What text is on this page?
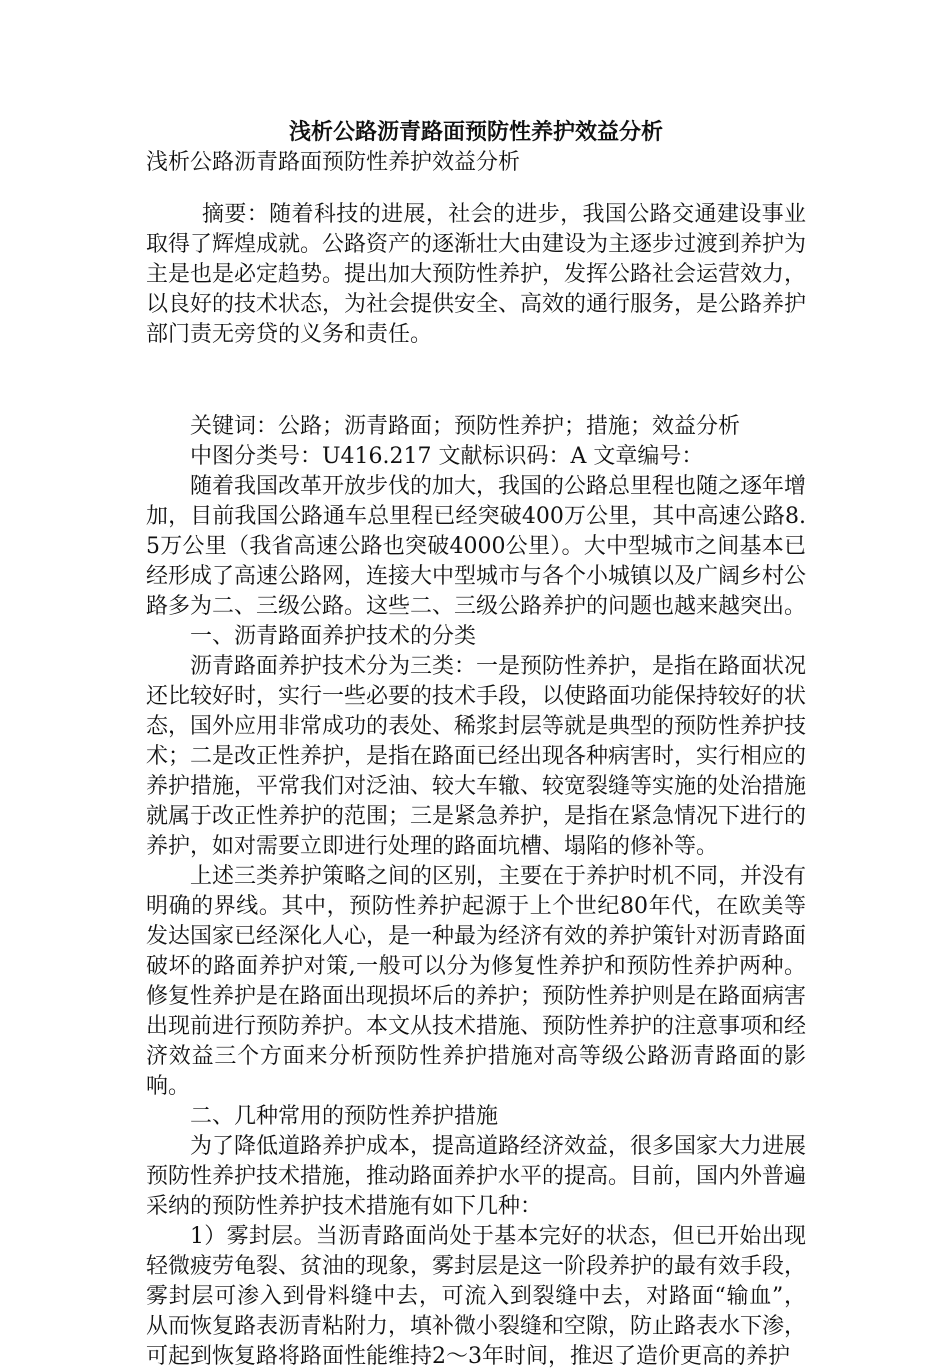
浅析公路沥青路面预防性养护效益分析
浅析公路沥青路面预防性养护效益分析

摘要：随着科技的进展，社会的进步，我国公路交通建设事业取得了辉煌成就。公路资产的逐渐壮大由建设为主逐步过渡到养护为主是也是必定趋势。提出加大预防性养护，发挥公路社会运营效力，以良好的技术状态，为社会提供安全、高效的通行服务，是公路养护部门责无旁贷的义务和责任。

关键词：公路；沥青路面；预防性养护；措施；效益分析

中图分类号：U416.217 文献标识码：A 文章编号：

随着我国改革开放步伐的加大，我国的公路总里程也随之逐年增加，目前我国公路通车总里程已经突破400万公里，其中高速公路8.5万公里（我省高速公路也突破4000公里）。大中型城市之间基本已经形成了高速公路网，连接大中型城市与各个小城镇以及广阔乡村公路多为二、三级公路。这些二、三级公路养护的问题也越来越突出。

一、沥青路面养护技术的分类

沥青路面养护技术分为三类：一是预防性养护，是指在路面状况还比较好时，实行一些必要的技术手段，以使路面功能保持较好的状态，国外应用非常成功的表处、稀浆封层等就是典型的预防性养护技术；二是改正性养护，是指在路面已经出现各种病害时，实行相应的养护措施，平常我们对泛油、较大车辙、较宽裂缝等实施的处治措施就属于改正性养护的范围；三是紧急养护，是指在紧急情况下进行的养护，如对需要立即进行处理的路面坑槽、塌陷的修补等。

上述三类养护策略之间的区别，主要在于养护时机不同，并没有明确的界线。其中，预防性养护起源于上个世纪80年代，在欧美等发达国家已经深化人心，是一种最为经济有效的养护策针对沥青路面破坏的路面养护对策,一般可以分为修复性养护和预防性养护两种。修复性养护是在路面出现损坏后的养护；预防性养护则是在路面病害出现前进行预防养护。本文从技术措施、预防性养护的注意事项和经济效益三个方面来分析预防性养护措施对高等级公路沥青路面的影响。

二、几种常用的预防性养护措施

为了降低道路养护成本，提高道路经济效益，很多国家大力进展预防性养护技术措施，推动路面养护水平的提高。目前，国内外普遍采纳的预防性养护技术措施有如下几种：

1）雾封层。当沥青路面尚处于基本完好的状态，但已开始出现轻微疲劳龟裂、贫油的现象，雾封层是这一阶段养护的最有效手段，雾封层可渗入到骨料缝中去，可流入到裂缝中去，对路面“输血”，从而恢复路表沥青粘附力，填补微小裂缝和空隙，防止路表水下渗，可起到恢复路将路面性能维持2～3年时间，推迟了造价更高的养护
